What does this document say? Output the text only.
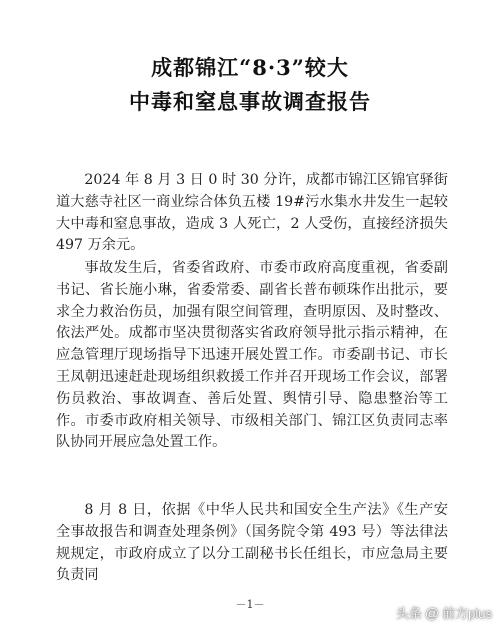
成都锦江“8·3”较大
中毒和窒息事故调查报告

2024 年 8 月 3 日 0 时 30 分许，成都市锦江区锦官驿街道大慈寺社区一商业综合体负五楼 19#污水集水井发生一起较大中毒和窒息事故，造成 3 人死亡，2 人受伤，直接经济损失 497 万余元。

事故发生后，省委省政府、市委市政府高度重视，省委副书记、省长施小琳，省委常委、副省长普布顿珠作出批示，要求全力救治伤员，加强有限空间管理，查明原因、及时整改、依法严处。成都市坚决贯彻落实省政府领导批示指示精神，在应急管理厅现场指导下迅速开展处置工作。市委副书记、市长王凤朝迅速赶赴现场组织救援工作并召开现场工作会议，部署伤员救治、事故调查、善后处置、舆情引导、隐患整治等工作。市委市政府相关领导、市级相关部门、锦江区负责同志率队协同开展应急处置工作。

8 月 8 日，依据《中华人民共和国安全生产法》《生产安全事故报告和调查处理条例》（国务院令第 493 号）等法律法规规定，市政府成立了以分工副秘书长任组长，市应急局主要负责同

－1－
头条 @ 前方plus
